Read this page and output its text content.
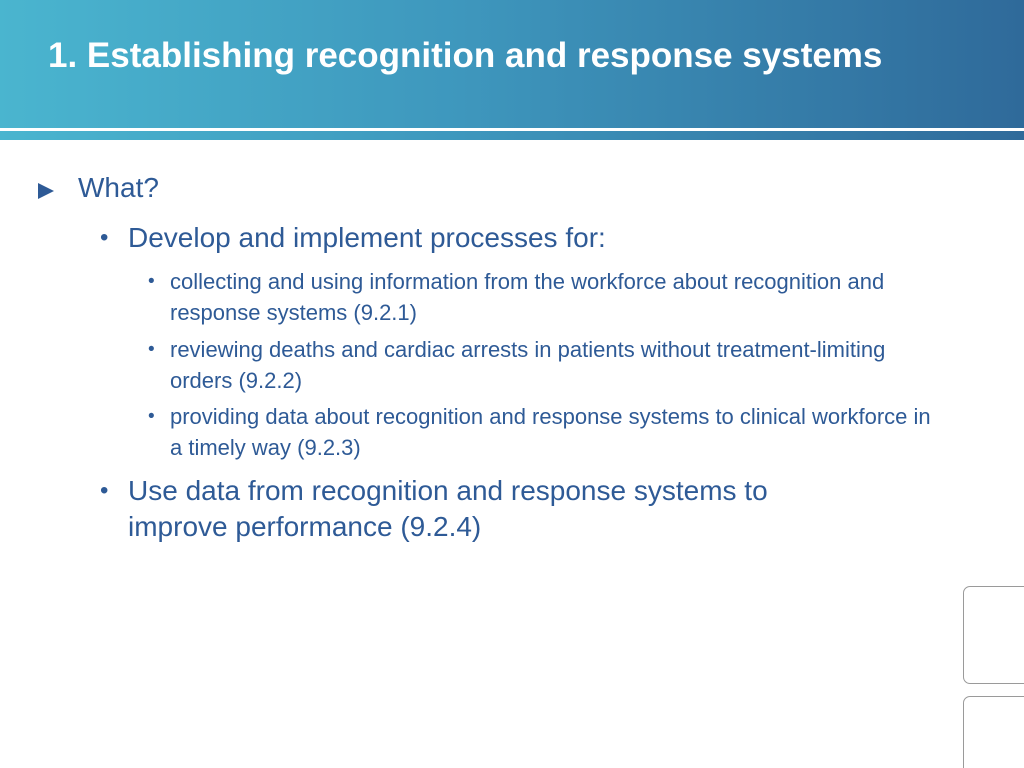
1. Establishing recognition and response systems
What?
• Develop and implement processes for:
• collecting and using information from the workforce about recognition and response systems (9.2.1)
• reviewing deaths and cardiac arrests in patients without treatment-limiting orders (9.2.2)
• providing data about recognition and response systems to clinical workforce in a timely way (9.2.3)
• Use data from recognition and response systems to improve performance (9.2.4)
